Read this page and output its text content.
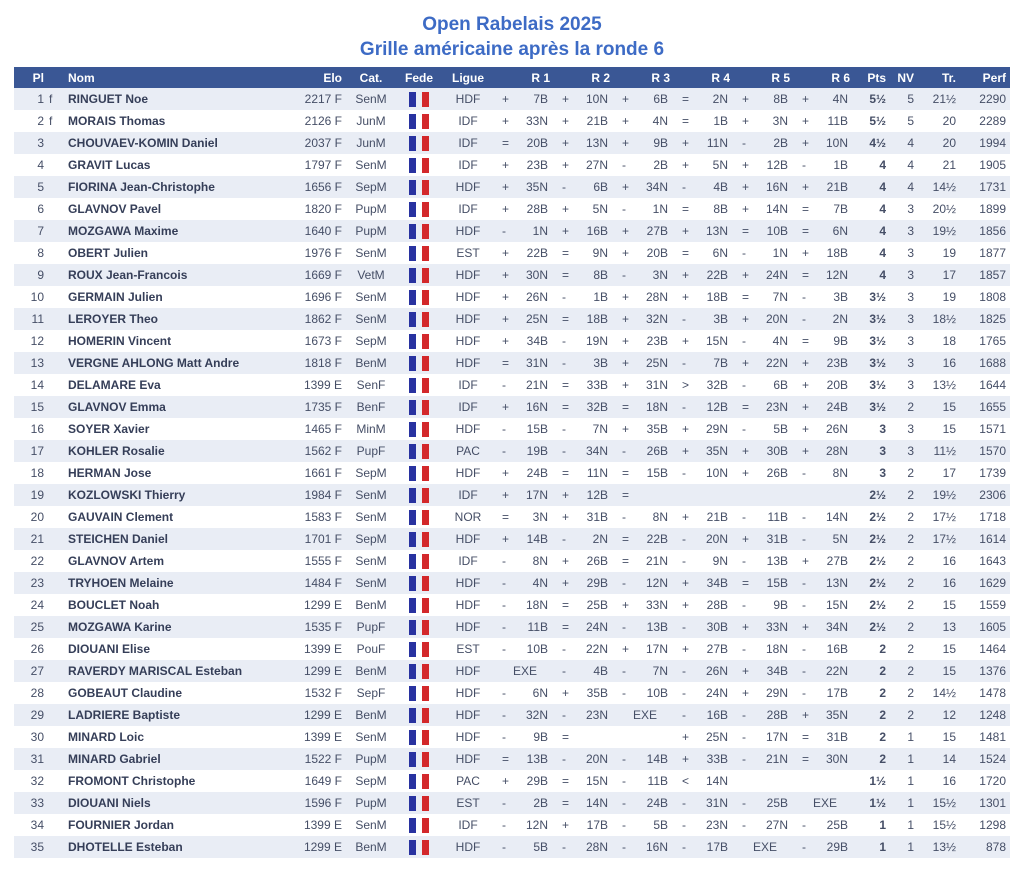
Open Rabelais 2025
Grille américaine après la ronde 6
Pl		Nom	Elo	Cat.	Fede	Ligue	R 1	R 2	R 3	R 4	R 5	R 6	Pts	NV	Tr.	Perf
1	f	RINGUET Noe	2217 F	SenM		HDF	+ 7B	+ 10N	+ 6B	= 2N	+ 8B	+ 4N	5½	5	21½	2290
2	f	MORAIS Thomas	2126 F	JunM		IDF	+ 33N	+ 21B	+ 4N	= 1B	+ 3N	+ 11B	5½	5	20	2289
3		CHOUVAEV-KOMIN Daniel	2037 F	JunM		IDF	= 20B	+ 13N	+ 9B	+ 11N	- 2B	+ 10N	4½	4	20	1994
4		GRAVIT Lucas	1797 F	SenM		IDF	+ 23B	+ 27N	- 2B	+ 5N	+ 12B	- 1B	4	4	21	1905
5		FIORINA Jean-Christophe	1656 F	SepM		HDF	+ 35N	- 6B	+ 34N	- 4B	+ 16N	+ 21B	4	4	14½	1731
6		GLAVNOV Pavel	1820 F	PupM		IDF	+ 28B	+ 5N	- 1N	= 8B	+ 14N	= 7B	4	3	20½	1899
7		MOZGAWA Maxime	1640 F	PupM		HDF	- 1N	+ 16B	+ 27B	+ 13N	= 10B	= 6N	4	3	19½	1856
8		OBERT Julien	1976 F	SenM		EST	+ 22B	= 9N	+ 20B	= 6N	- 1N	+ 18B	4	3	19	1877
9		ROUX Jean-Francois	1669 F	VetM		HDF	+ 30N	= 8B	- 3N	+ 22B	+ 24N	= 12N	4	3	17	1857
10		GERMAIN Julien	1696 F	SenM		HDF	+ 26N	- 1B	+ 28N	+ 18B	= 7N	- 3B	3½	3	19	1808
11		LEROYER Theo	1862 F	SenM		HDF	+ 25N	= 18B	+ 32N	- 3B	+ 20N	- 2N	3½	3	18½	1825
12		HOMERIN Vincent	1673 F	SepM		HDF	+ 34B	- 19N	+ 23B	+ 15N	- 4N	= 9B	3½	3	18	1765
13		VERGNE AHLONG Matt Andre	1818 F	BenM		HDF	= 31N	- 3B	+ 25N	- 7B	+ 22N	+ 23B	3½	3	16	1688
14		DELAMARE Eva	1399 E	SenF		IDF	- 21N	= 33B	+ 31N	> 32B	- 6B	+ 20B	3½	3	13½	1644
15		GLAVNOV Emma	1735 F	BenF		IDF	+ 16N	= 32B	= 18N	- 12B	= 23N	+ 24B	3½	2	15	1655
16		SOYER Xavier	1465 F	MinM		HDF	- 15B	- 7N	+ 35B	+ 29N	- 5B	+ 26N	3	3	15	1571
17		KOHLER Rosalie	1562 F	PupF		PAC	- 19B	- 34N	- 26B	+ 35N	+ 30B	+ 28N	3	3	11½	1570
18		HERMAN Jose	1661 F	SepM		HDF	+ 24B	= 11N	= 15B	- 10N	+ 26B	- 8N	3	2	17	1739
19		KOZLOWSKI Thierry	1984 F	SenM		IDF	+ 17N	+ 12B	=				2½	2	19½	2306
20		GAUVAIN Clement	1583 F	SenM		NOR	= 3N	+ 31B	- 8N	+ 21B	- 11B	- 14N	2½	2	17½	1718
21		STEICHEN Daniel	1701 F	SepM		HDF	+ 14B	- 2N	= 22B	- 20N	+ 31B	- 5N	2½	2	17½	1614
22		GLAVNOV Artem	1555 F	SenM		IDF	- 8N	+ 26B	= 21N	- 9N	- 13B	+ 27B	2½	2	16	1643
23		TRYHOEN Melaine	1484 F	SenM		HDF	- 4N	+ 29B	- 12N	+ 34B	= 15B	- 13N	2½	2	16	1629
24		BOUCLET Noah	1299 E	BenM		HDF	- 18N	= 25B	+ 33N	+ 28B	- 9B	- 15N	2½	2	15	1559
25		MOZGAWA Karine	1535 F	PupF		HDF	- 11B	= 24N	- 13B	- 30B	+ 33N	+ 34N	2½	2	13	1605
26		DIOUANI Elise	1399 E	PouF		EST	- 10B	- 22N	+ 17N	+ 27B	- 18N	- 16B	2	2	15	1464
27		RAVERDY MARISCAL Esteban	1299 E	BenM		HDF	EXE	- 4B	- 7N	- 26N	+ 34B	- 22N	2	2	15	1376
28		GOBEAUT Claudine	1532 F	SepF		HDF	- 6N	+ 35B	- 10B	- 24N	+ 29N	- 17B	2	2	14½	1478
29		LADRIERE Baptiste	1299 E	BenM		HDF	- 32N	- 23N	EXE	- 16B	- 28B	+ 35N	2	2	12	1248
30		MINARD Loic	1399 E	SenM		HDF	- 9B	=		+ 25N	- 17N	= 31B	2	1	15	1481
31		MINARD Gabriel	1522 F	PupM		HDF	= 13B	- 20N	- 14B	+ 33B	- 21N	= 30N	2	1	14	1524
32		FROMONT Christophe	1649 F	SepM		PAC	+ 29B	= 15N	- 11B	< 14N			1½	1	16	1720
33		DIOUANI Niels	1596 F	PupM		EST	- 2B	= 14N	- 24B	- 31N	- 25B	EXE	1½	1	15½	1301
34		FOURNIER Jordan	1399 E	SenM		IDF	- 12N	+ 17B	- 5B	- 23N	- 27N	- 25B	1	1	15½	1298
35		DHOTELLE Esteban	1299 E	BenM		HDF	- 5B	- 28N	- 16N	- 17B	EXE	- 29B	1	1	13½	878
